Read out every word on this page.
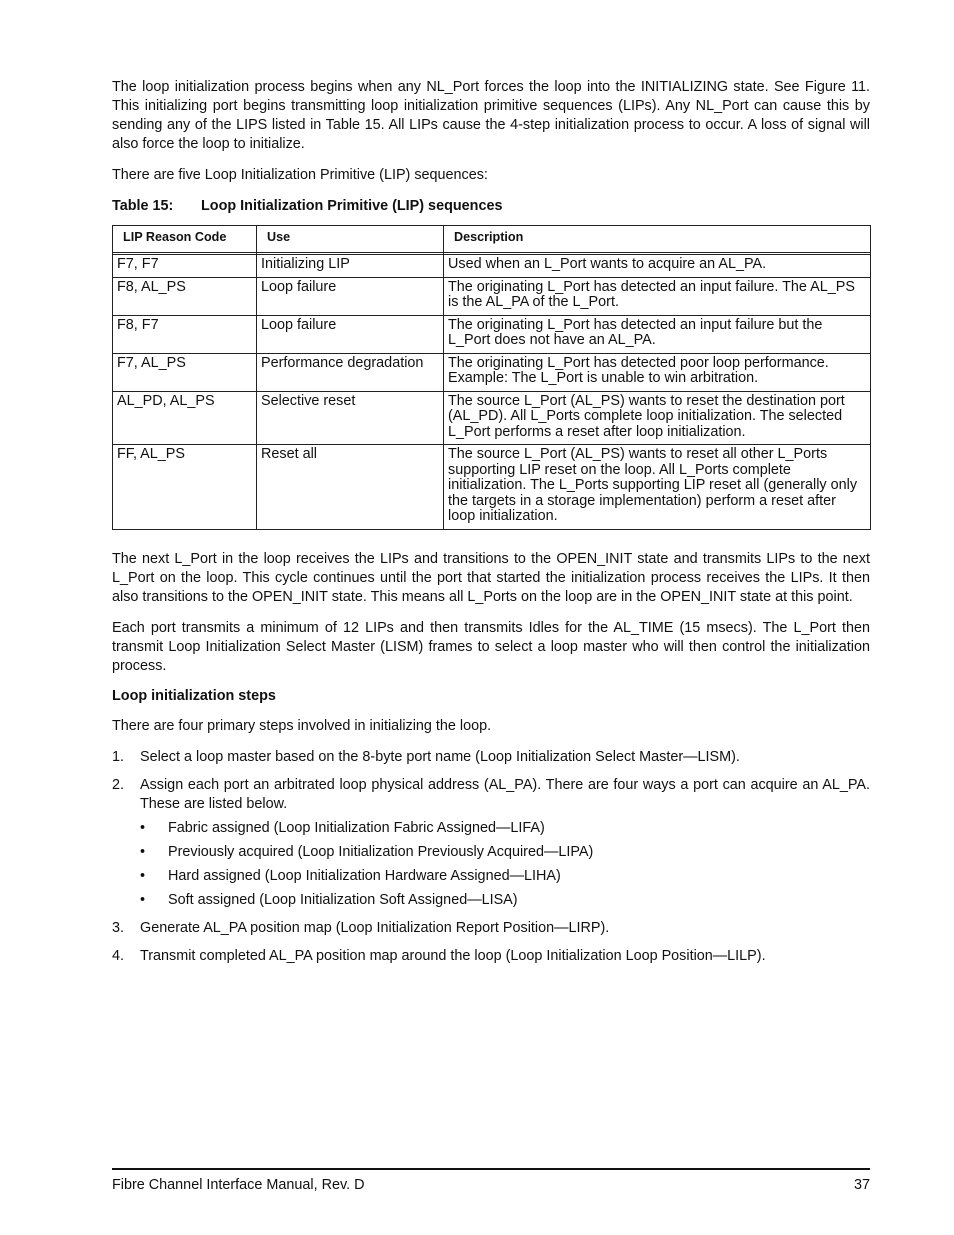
The loop initialization process begins when any NL_Port forces the loop into the INITIALIZING state. See Figure 11. This initializing port begins transmitting loop initialization primitive sequences (LIPs). Any NL_Port can cause this by sending any of the LIPS listed in Table 15. All LIPs cause the 4-step initialization process to occur. A loss of signal will also force the loop to initialize.

There are five Loop Initialization Primitive (LIP) sequences:

Table 15: Loop Initialization Primitive (LIP) sequences
LIP Reason Code	Use	Description

F7, F7	Initializing LIP	Used when an L_Port wants to acquire an AL_PA.
F8, AL_PS	Loop failure	The originating L_Port has detected an input failure. The AL_PS is the AL_PA of the L_Port.
F8, F7	Loop failure	The originating L_Port has detected an input failure but the L_Port does not have an AL_PA.
F7, AL_PS	Performance degradation	The originating L_Port has detected poor loop performance. Example: The L_Port is unable to win arbitration.
AL_PD, AL_PS	Selective reset	The source L_Port (AL_PS) wants to reset the destination port (AL_PD). All L_Ports complete loop initialization. The selected L_Port performs a reset after loop initialization.
FF, AL_PS	Reset all	The source L_Port (AL_PS) wants to reset all other L_Ports supporting LIP reset on the loop. All L_Ports complete initialization. The L_Ports supporting LIP reset all (generally only the targets in a storage implementation) perform a reset after loop initialization.

The next L_Port in the loop receives the LIPs and transitions to the OPEN_INIT state and transmits LIPs to the next L_Port on the loop. This cycle continues until the port that started the initialization process receives the LIPs. It then also transitions to the OPEN_INIT state. This means all L_Ports on the loop are in the OPEN_INIT state at this point.

Each port transmits a minimum of 12 LIPs and then transmits Idles for the AL_TIME (15 msecs). The L_Port then transmit Loop Initialization Select Master (LISM) frames to select a loop master who will then control the initialization process.

Loop initialization steps

There are four primary steps involved in initializing the loop.

1. Select a loop master based on the 8-byte port name (Loop Initialization Select Master—LISM).
2. Assign each port an arbitrated loop physical address (AL_PA). There are four ways a port can acquire an AL_PA. These are listed below.
• Fabric assigned (Loop Initialization Fabric Assigned—LIFA)
• Previously acquired (Loop Initialization Previously Acquired—LIPA)
• Hard assigned (Loop Initialization Hardware Assigned—LIHA)
• Soft assigned (Loop Initialization Soft Assigned—LISA)
3. Generate AL_PA position map (Loop Initialization Report Position—LIRP).
4. Transmit completed AL_PA position map around the loop (Loop Initialization Loop Position—LILP).
Fibre Channel Interface Manual, Rev. D	37
